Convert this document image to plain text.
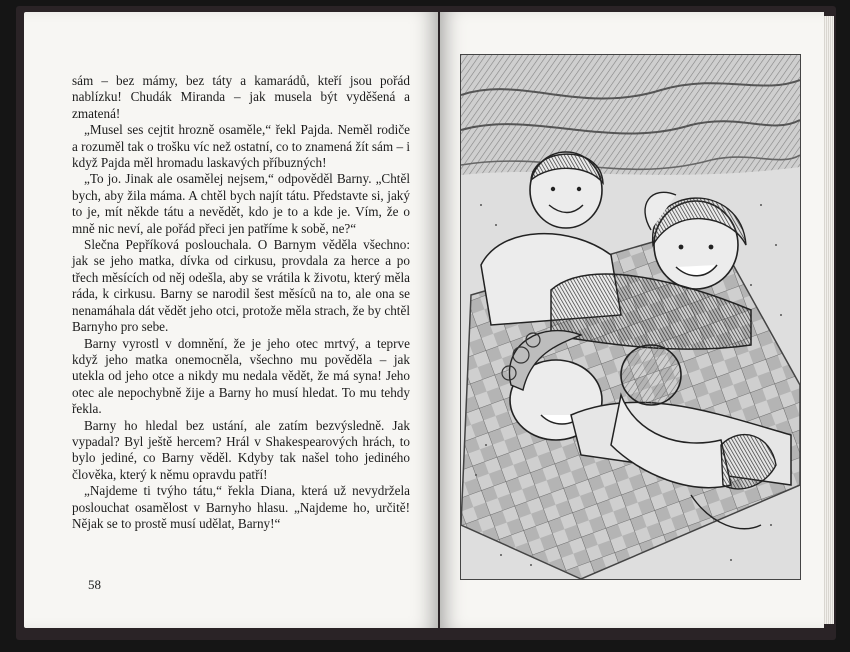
sám – bez mámy, bez táty a kamarádů, kteří jsou pořád nablízku! Chudák Miranda – jak musela být vyděšená a zmatená!

„Musel ses cejtit hrozně osaměle,“ řekl Pajda. Neměl rodiče a rozuměl tak o trošku víc než ostatní, co to znamená žít sám – i když Pajda měl hromadu laskavých příbuzných!

„To jo. Jinak ale osamělej nejsem,“ odpověděl Barny. „Chtěl bych, aby žila máma. A chtěl bych najít tátu. Představte si, jaký to je, mít někde tátu a nevědět, kdo je to a kde je. Vím, že o mně nic neví, ale pořád přeci jen patříme k sobě, ne?“

Slečna Pepříková poslouchala. O Barnym věděla všechno: jak se jeho matka, dívka od cirkusu, provdala za herce a po třech měsících od něj odešla, aby se vrátila k životu, který měla ráda, k cirkusu. Barny se narodil šest měsíců na to, ale ona se nenamáhala dát vědět jeho otci, protože měla strach, že by chtěl Barnyho pro sebe.

Barny vyrostl v domnění, že je jeho otec mrtvý, a teprve když jeho matka onemocněla, všechno mu pověděla – jak utekla od jeho otce a nikdy mu nedala vědět, že má syna! Jeho otec ale nepochybně žije a Barny ho musí hledat. To mu tehdy řekla.

Barny ho hledal bez ustání, ale zatím bezvýsledně. Jak vypadal? Byl ještě hercem? Hrál v Shakespearových hrách, to bylo jediné, co Barny věděl. Kdyby tak našel toho jediného člověka, který k němu opravdu patří!

„Najdeme ti tvýho tátu,“ řekla Diana, která už nevydržela poslouchat osamělost v Barnyho hlasu. „Najdeme ho, určitě! Nějak se to prostě musí udělat, Barny!“

58
